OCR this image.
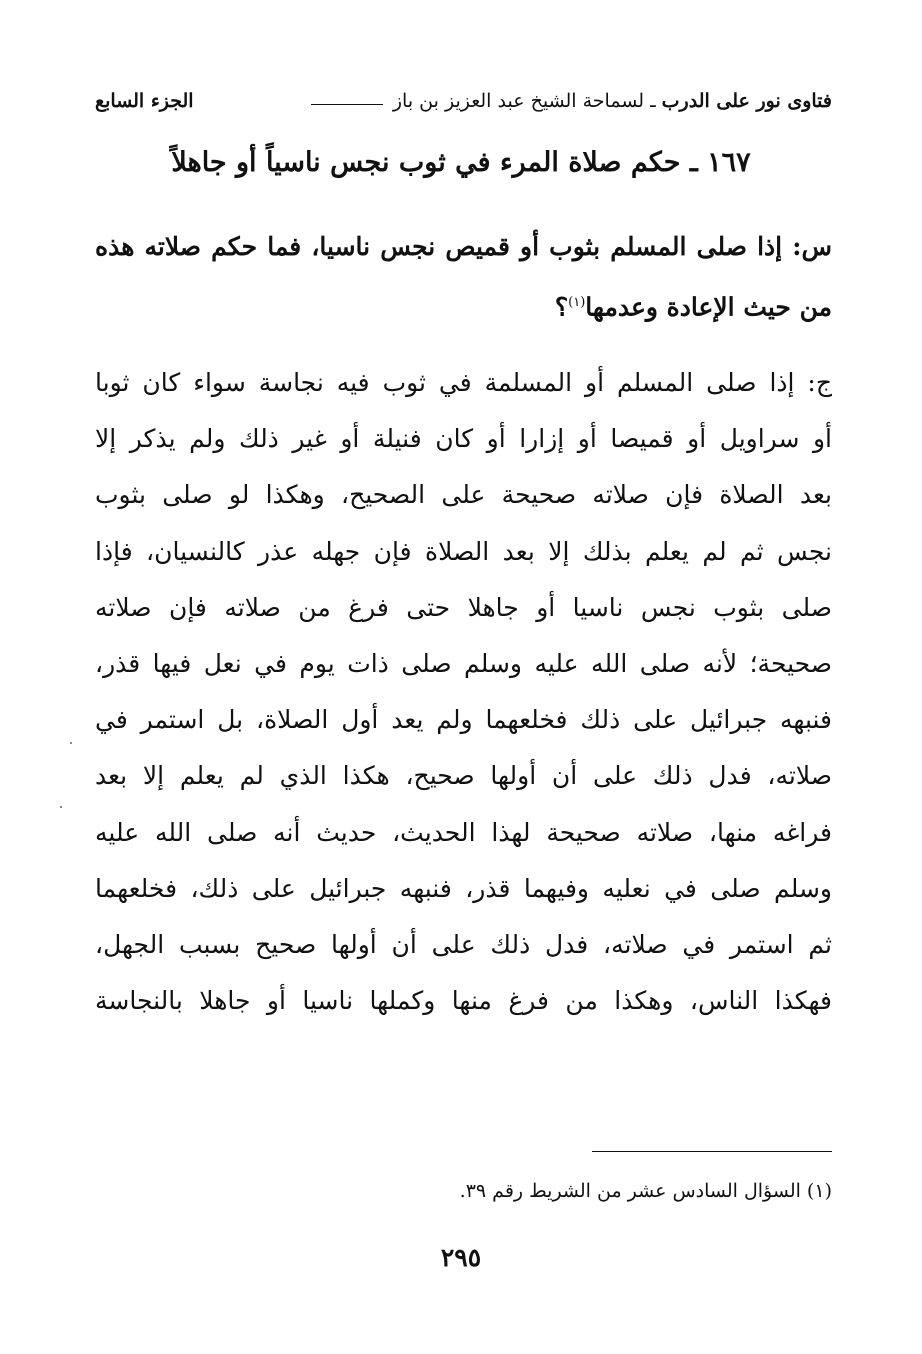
فتاوى نور على الدرب
ـ
لسماحة الشيخ عبد العزيز بن باز
الجزء السابع
١٦٧ ـ حكم صلاة المرء في ثوب نجس ناسياً أو جاهلاً
س: إذا صلى المسلم بثوب أو قميص نجس ناسيا، فما حكم صلاته هذه من حيث الإعادة وعدمها$^{(١)}$؟
ج: إذا صلى المسلم أو المسلمة في ثوب فيه نجاسة سواء كان ثوبا
أو سراويل أو قميصا أو إزارا أو كان فنيلة أو غير ذلك ولم يذكر إلا
بعد الصلاة فإن صلاته صحيحة على الصحيح، وهكذا لو صلى بثوب
نجس ثم لم يعلم بذلك إلا بعد الصلاة فإن جهله عذر كالنسيان، فإذا
صلى بثوب نجس ناسيا أو جاهلا حتى فرغ من صلاته فإن صلاته
صحيحة؛ لأنه صلى الله عليه وسلم صلى ذات يوم في نعل فيها قذر،
فنبهه جبرائيل على ذلك فخلعهما ولم يعد أول الصلاة، بل استمر في
صلاته، فدل ذلك على أن أولها صحيح، هكذا الذي لم يعلم إلا بعد
فراغه منها، صلاته صحيحة لهذا الحديث، حديث أنه صلى الله عليه
وسلم صلى في نعليه وفيهما قذر، فنبهه جبرائيل على ذلك، فخلعهما
ثم استمر في صلاته، فدل ذلك على أن أولها صحيح بسبب الجهل،
فهكذا الناس، وهكذا من فرغ منها وكملها ناسيا أو جاهلا بالنجاسة
(١) السؤال السادس عشر من الشريط رقم ٣٩.
٢٩٥
